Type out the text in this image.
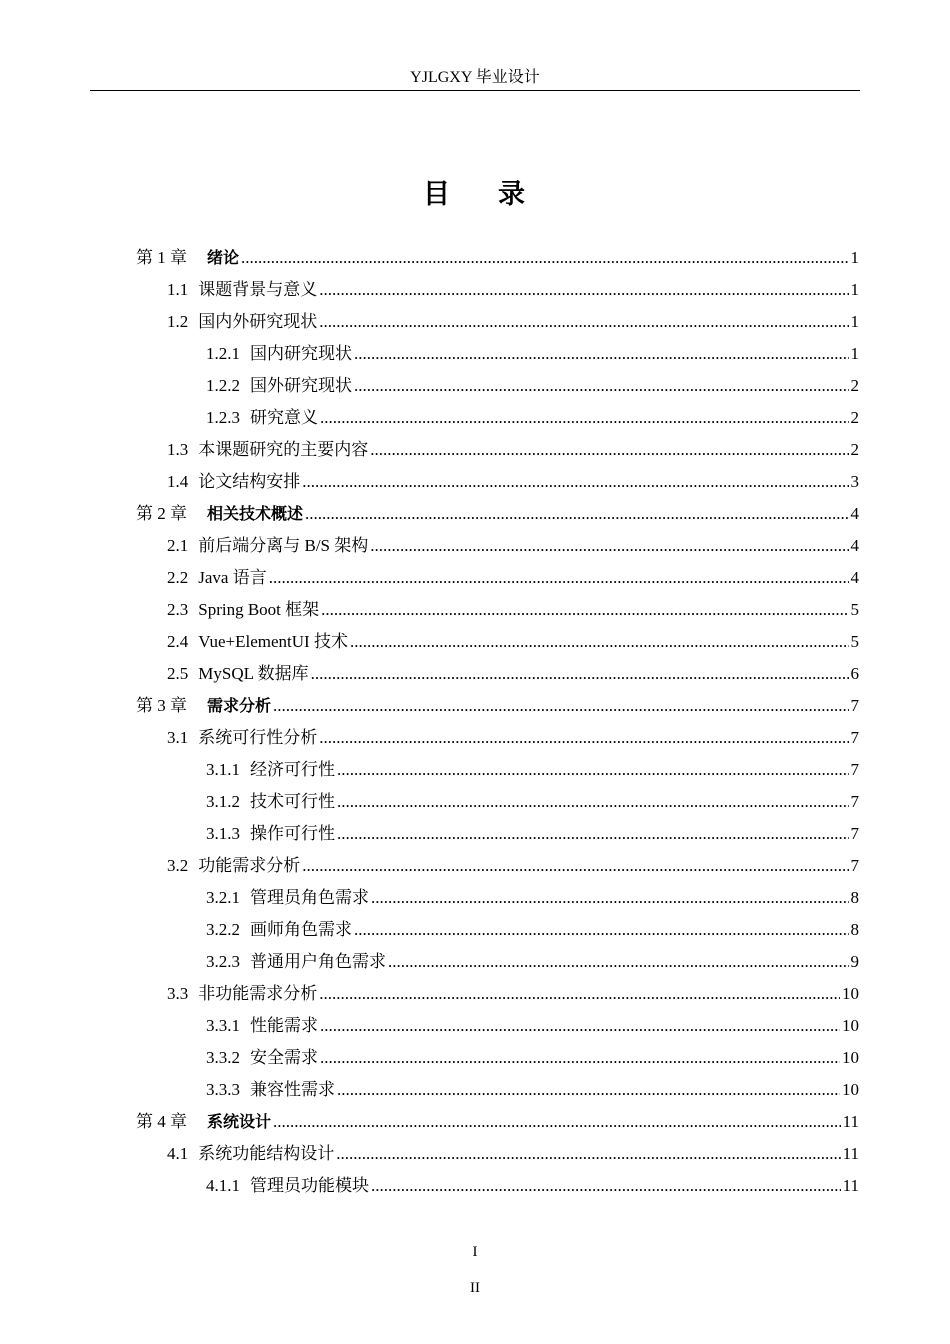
YJLGXY 毕业设计
目 录
第 1 章 绪论 .....	1
1.1 课题背景与意义 .....	1
1.2 国内外研究现状 .....	1
1.2.1 国内研究现状 .....	1
1.2.2 国外研究现状 .....	2
1.2.3 研究意义 .....	2
1.3 本课题研究的主要内容 .....	2
1.4 论文结构安排 .....	3
第 2 章 相关技术概述 .....	4
2.1 前后端分离与 B/S 架构 .....	4
2.2 Java 语言 .....	4
2.3 Spring Boot 框架 .....	5
2.4 Vue+ElementUI 技术 .....	5
2.5 MySQL 数据库 .....	6
第 3 章 需求分析 .....	7
3.1 系统可行性分析 .....	7
3.1.1 经济可行性 .....	7
3.1.2 技术可行性 .....	7
3.1.3 操作可行性 .....	7
3.2 功能需求分析 .....	7
3.2.1 管理员角色需求 .....	8
3.2.2 画师角色需求 .....	8
3.2.3 普通用户角色需求 .....	9
3.3 非功能需求分析 .....	10
3.3.1 性能需求 .....	10
3.3.2 安全需求 .....	10
3.3.3 兼容性需求 .....	10
第 4 章 系统设计 .....	11
4.1 系统功能结构设计 .....	11
4.1.1 管理员功能模块 .....	11
I
II
